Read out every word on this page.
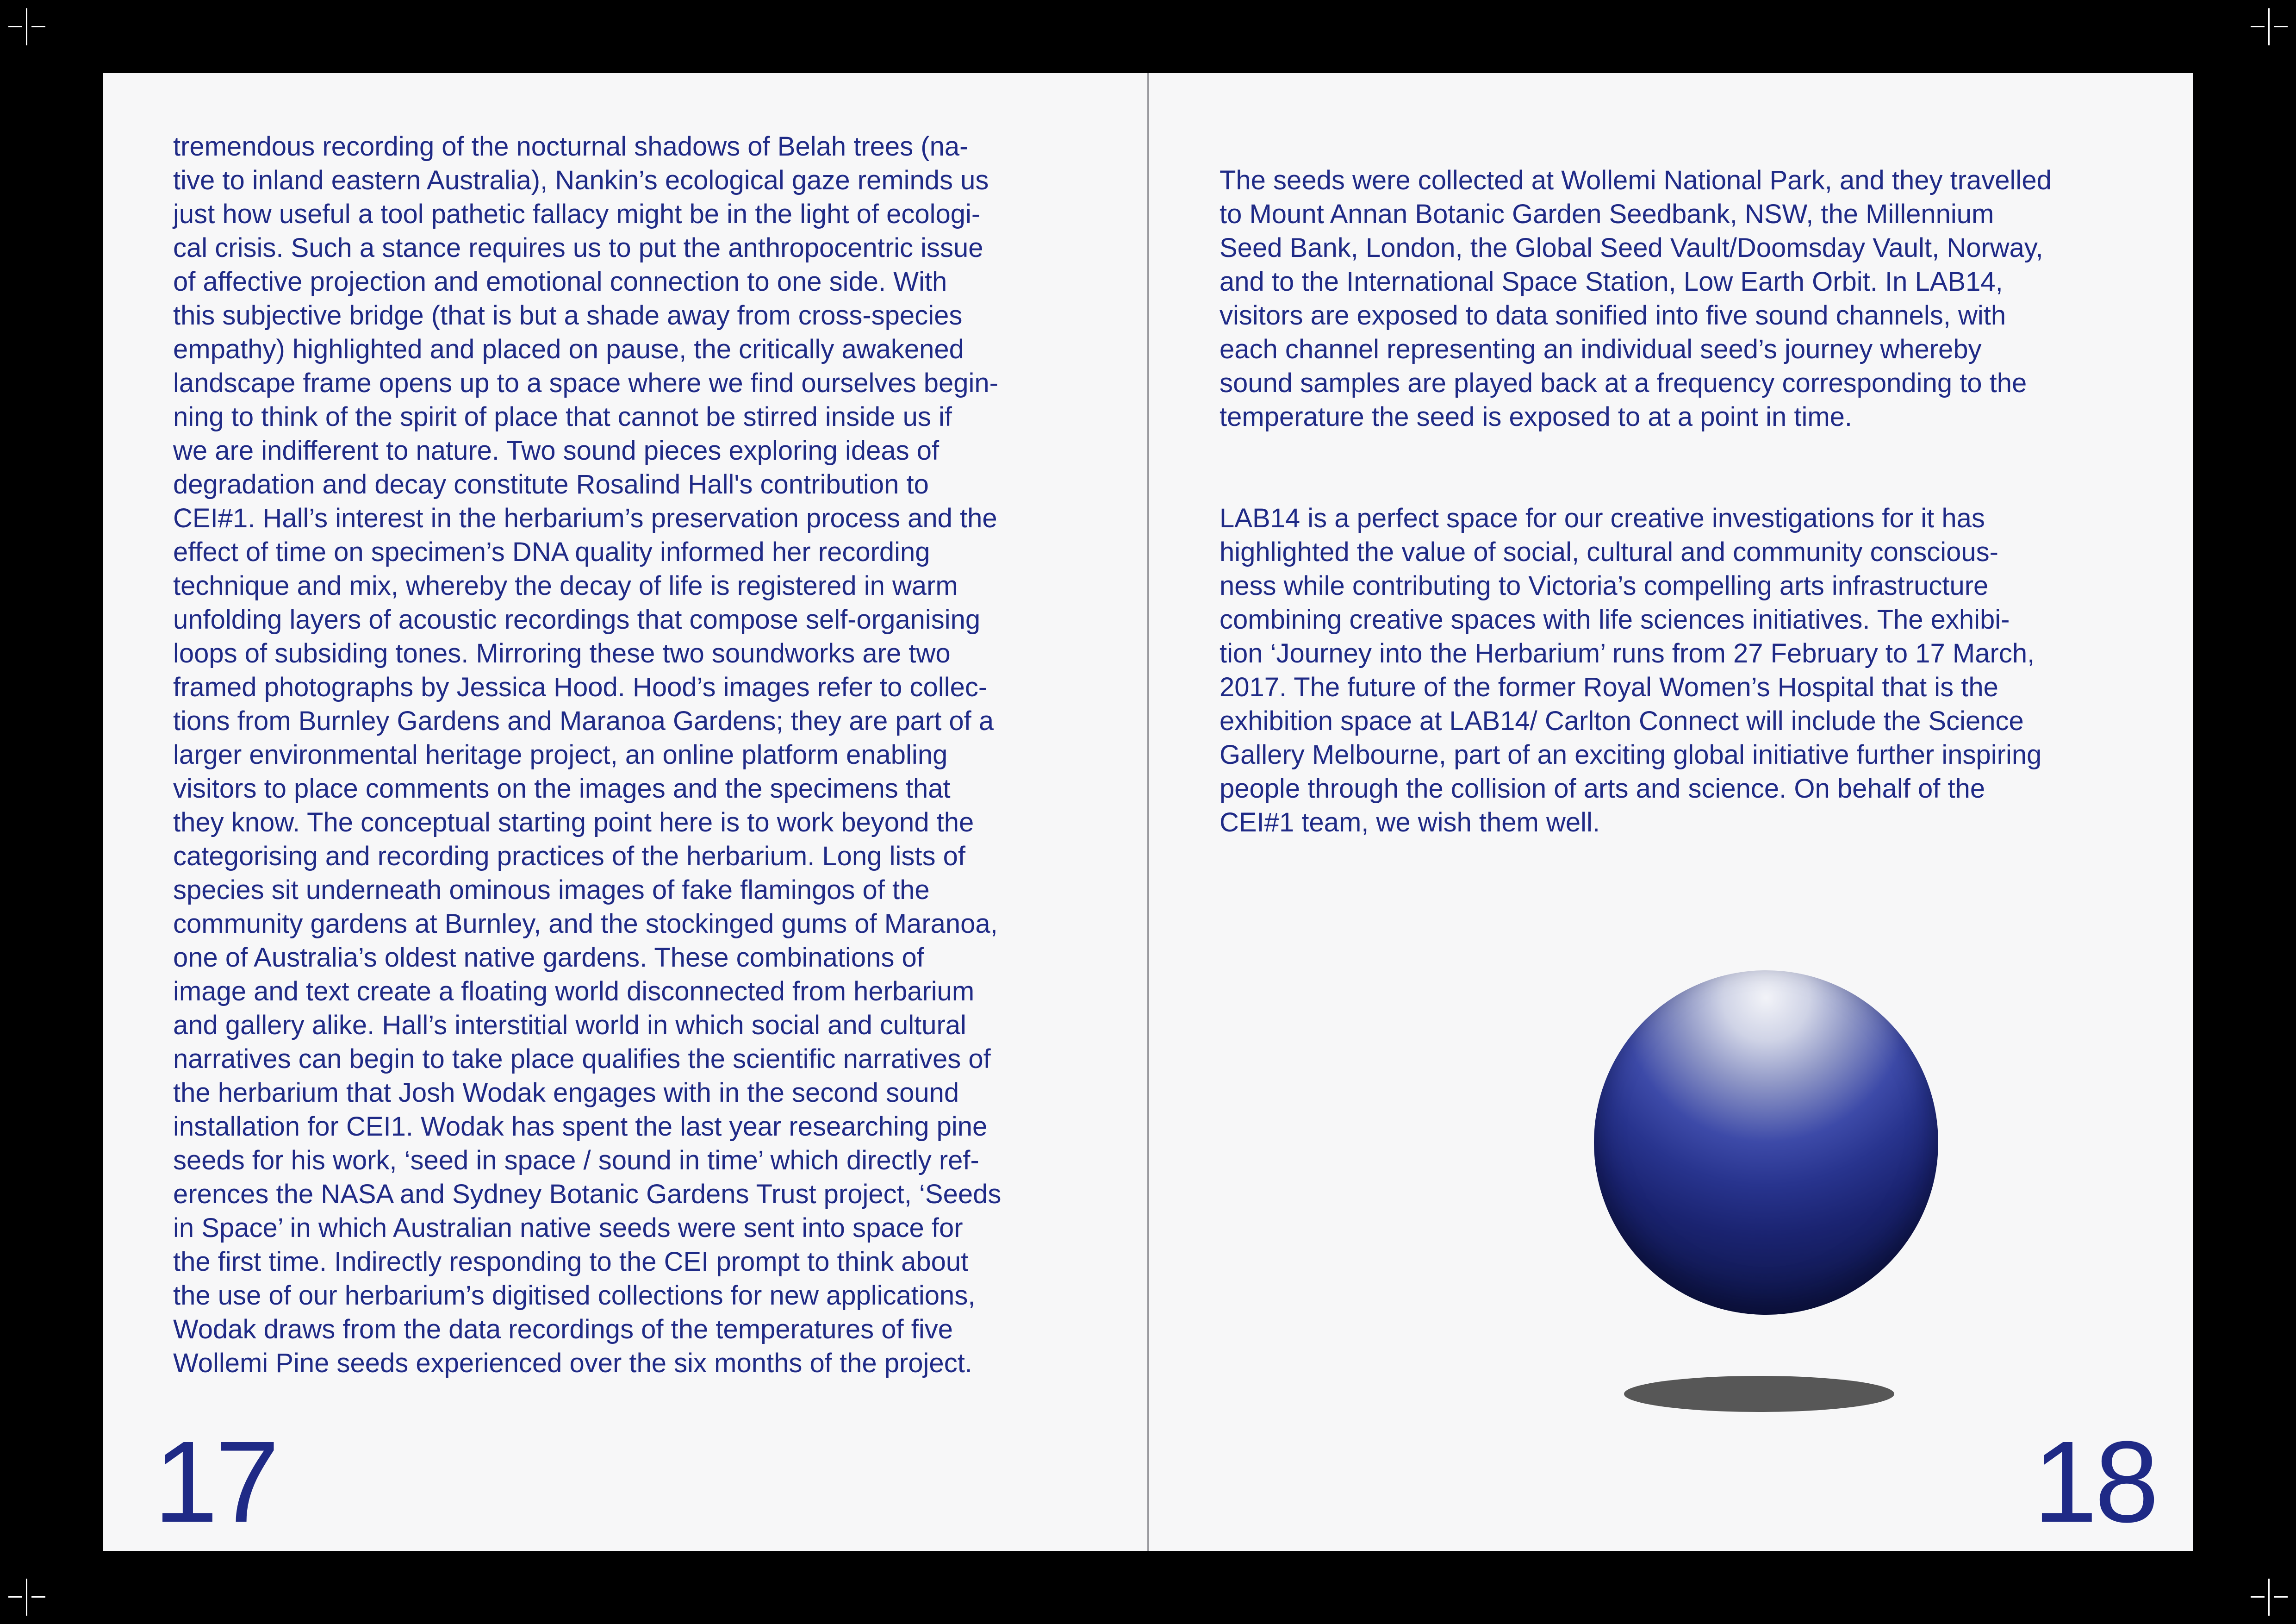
tremendous recording of the nocturnal shadows of Belah trees (na-
tive to inland eastern Australia), Nankin’s ecological gaze reminds us
just how useful a tool pathetic fallacy might be in the light of ecologi-
cal crisis. Such a stance requires us to put the anthropocentric issue
of affective projection and emotional connection to one side. With
this subjective bridge (that is but a shade away from cross-species
empathy) highlighted and placed on pause, the critically awakened
landscape frame opens up to a space where we find ourselves begin-
ning to think of the spirit of place that cannot be stirred inside us if
we are indifferent to nature. Two sound pieces exploring ideas of
degradation and decay constitute Rosalind Hall's contribution to
CEI#1. Hall’s interest in the herbarium’s preservation process and the
effect of time on specimen’s DNA quality informed her recording
technique and mix, whereby the decay of life is registered in warm
unfolding layers of acoustic recordings that compose self-organising
loops of subsiding tones. Mirroring these two soundworks are two
framed photographs by Jessica Hood. Hood’s images refer to collec-
tions from Burnley Gardens and Maranoa Gardens; they are part of a
larger environmental heritage project, an online platform enabling
visitors to place comments on the images and the specimens that
they know. The conceptual starting point here is to work beyond the
categorising and recording practices of the herbarium. Long lists of
species sit underneath ominous images of fake flamingos of the
community gardens at Burnley, and the stockinged gums of Maranoa,
one of Australia’s oldest native gardens. These combinations of
image and text create a floating world disconnected from herbarium
and gallery alike. Hall’s interstitial world in which social and cultural
narratives can begin to take place qualifies the scientific narratives of
the herbarium that Josh Wodak engages with in the second sound
installation for CEI1. Wodak has spent the last year researching pine
seeds for his work, ‘seed in space / sound in time’ which directly ref-
erences the NASA and Sydney Botanic Gardens Trust project, ‘Seeds
in Space’ in which Australian native seeds were sent into space for
the first time. Indirectly responding to the CEI prompt to think about
the use of our herbarium’s digitised collections for new applications,
Wodak draws from the data recordings of the temperatures of five
Wollemi Pine seeds experienced over the six months of the project.
17

The seeds were collected at Wollemi National Park, and they travelled
to Mount Annan Botanic Garden Seedbank, NSW, the Millennium
Seed Bank, London, the Global Seed Vault/Doomsday Vault, Norway,
and to the International Space Station, Low Earth Orbit. In LAB14,
visitors are exposed to data sonified into five sound channels, with
each channel representing an individual seed’s journey whereby
sound samples are played back at a frequency corresponding to the
temperature the seed is exposed to at a point in time.

LAB14 is a perfect space for our creative investigations for it has
highlighted the value of social, cultural and community conscious-
ness while contributing to Victoria’s compelling arts infrastructure
combining creative spaces with life sciences initiatives. The exhibi-
tion ‘Journey into the Herbarium’ runs from 27 February to 17 March,
2017. The future of the former Royal Women’s Hospital that is the
exhibition space at LAB14/ Carlton Connect will include the Science
Gallery Melbourne, part of an exciting global initiative further inspiring
people through the collision of arts and science. On behalf of the
CEI#1 team, we wish them well.

18
